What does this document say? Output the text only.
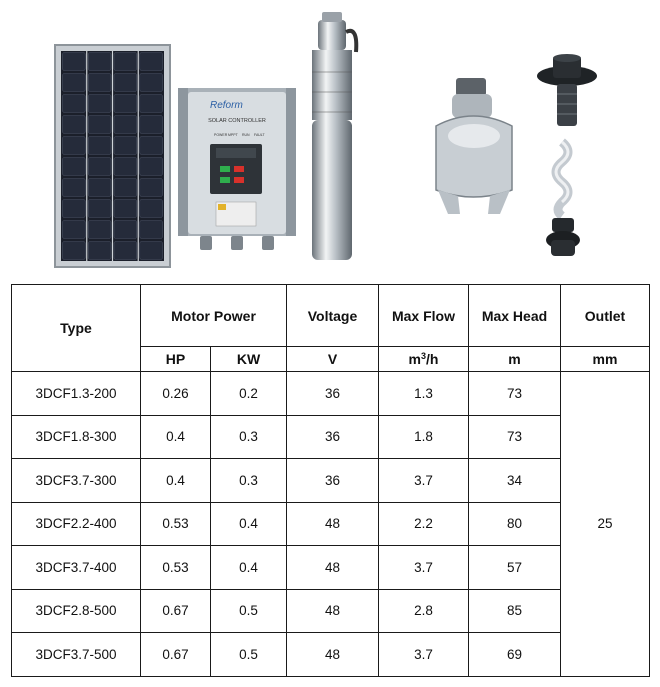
Reform
SOLAR CONTROLLER
POWER MPPT RUN FAULT
Type	Motor Power		Voltage	Max Flow	Max Head	Outlet
	HP	KW	V	$m^3/h$	m	mm
3DCF1.3-200	0.26	0.2	36	1.3	73	25
3DCF1.8-300	0.4	0.3	36	1.8	73	
3DCF3.7-300	0.4	0.3	36	3.7	34	
3DCF2.2-400	0.53	0.4	48	2.2	80	
3DCF3.7-400	0.53	0.4	48	3.7	57	
3DCF2.8-500	0.67	0.5	48	2.8	85	
3DCF3.7-500	0.67	0.5	48	3.7	69	
